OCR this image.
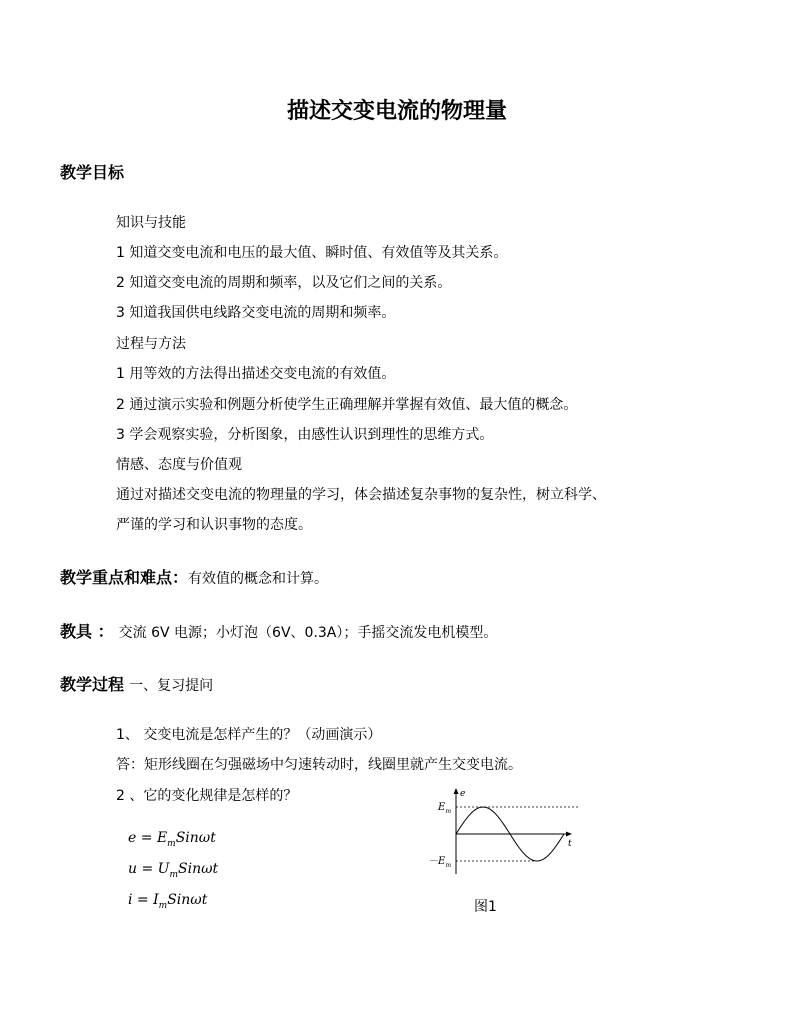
描述交变电流的物理量
教学目标
知识与技能
1 知道交变电流和电压的最大值、瞬时值、有效值等及其关系。
2 知道交变电流的周期和频率，以及它们之间的关系。
3 知道我国供电线路交变电流的周期和频率。
过程与方法
1 用等效的方法得出描述交变电流的有效值。
2 通过演示实验和例题分析使学生正确理解并掌握有效值、最大值的概念。
3 学会观察实验，分析图象，由感性认识到理性的思维方式。
情感、态度与价值观
通过对描述交变电流的物理量的学习，体会描述复杂事物的复杂性，树立科学、
严谨的学习和认识事物的态度。
教学重点和难点：有效值的概念和计算。
教具 ： 交流 6V 电源；小灯泡（6V、0.3A）；手摇交流发电机模型。
教学过程 一、复习提问
1、 交变电流是怎样产生的？（动画演示）
答：矩形线圈在匀强磁场中匀速转动时，线圈里就产生交变电流。
2 、它的变化规律是怎样的？
$e = E_mSin\omega t$
$u = U_mSin\omega t$
$i = I_mSin\omega t$
e
t
$E_m$
$-E_m$
图1
